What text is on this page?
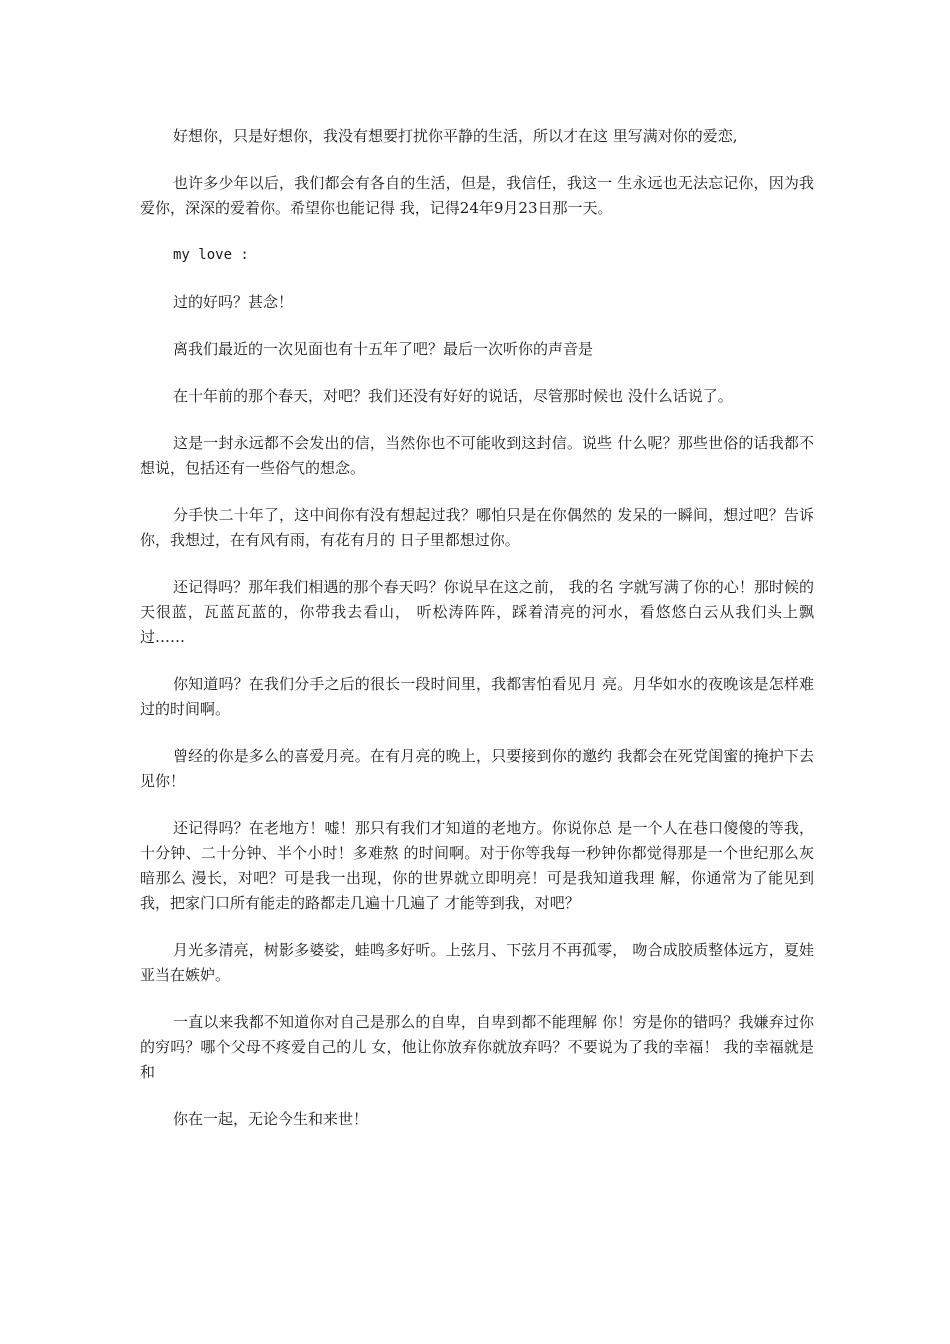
好想你，只是好想你，我没有想要打扰你平静的生活，所以才在这 里写满对你的爱恋,

也许多少年以后，我们都会有各自的生活，但是，我信任，我这一 生永远也无法忘记你，因为我爱你，深深的爱着你。希望你也能记得 我，记得24年9月23日那一天。

my love :

过的好吗？甚念！

离我们最近的一次见面也有十五年了吧？最后一次听你的声音是

在十年前的那个春天，对吧？我们还没有好好的说话，尽管那时候也 没什么话说了。

这是一封永远都不会发出的信，当然你也不可能收到这封信。说些 什么呢？那些世俗的话我都不想说，包括还有一些俗气的想念。

分手快二十年了，这中间你有没有想起过我？哪怕只是在你偶然的 发呆的一瞬间，想过吧？告诉你，我想过，在有风有雨，有花有月的 日子里都想过你。

还记得吗？那年我们相遇的那个春天吗？你说早在这之前， 我的名 字就写满了你的心！那时候的天很蓝，瓦蓝瓦蓝的，你带我去看山， 听松涛阵阵，踩着清亮的河水，看悠悠白云从我们头上飘过……

你知道吗？在我们分手之后的很长一段时间里，我都害怕看见月 亮。月华如水的夜晚该是怎样难过的时间啊。

曾经的你是多么的喜爱月亮。在有月亮的晚上，只要接到你的邀约 我都会在死党闺蜜的掩护下去见你！

还记得吗？在老地方！嘘！那只有我们才知道的老地方。你说你总 是一个人在巷口傻傻的等我，十分钟、二十分钟、半个小时！多难熬 的时间啊。对于你等我每一秒钟你都觉得那是一个世纪那么灰暗那么 漫长，对吧？可是我一出现，你的世界就立即明亮！可是我知道我理 解，你通常为了能见到我，把家门口所有能走的路都走几遍十几遍了 才能等到我，对吧？

月光多清亮，树影多婆娑，蛙鸣多好听。上弦月、下弦月不再孤零， 吻合成胶质整体远方，夏娃亚当在嫉妒。

一直以来我都不知道你对自己是那么的自卑，自卑到都不能理解 你！穷是你的错吗？我嫌弃过你的穷吗？哪个父母不疼爱自己的儿 女，他让你放弃你就放弃吗？不要说为了我的幸福！ 我的幸福就是和

你在一起，无论今生和来世！
